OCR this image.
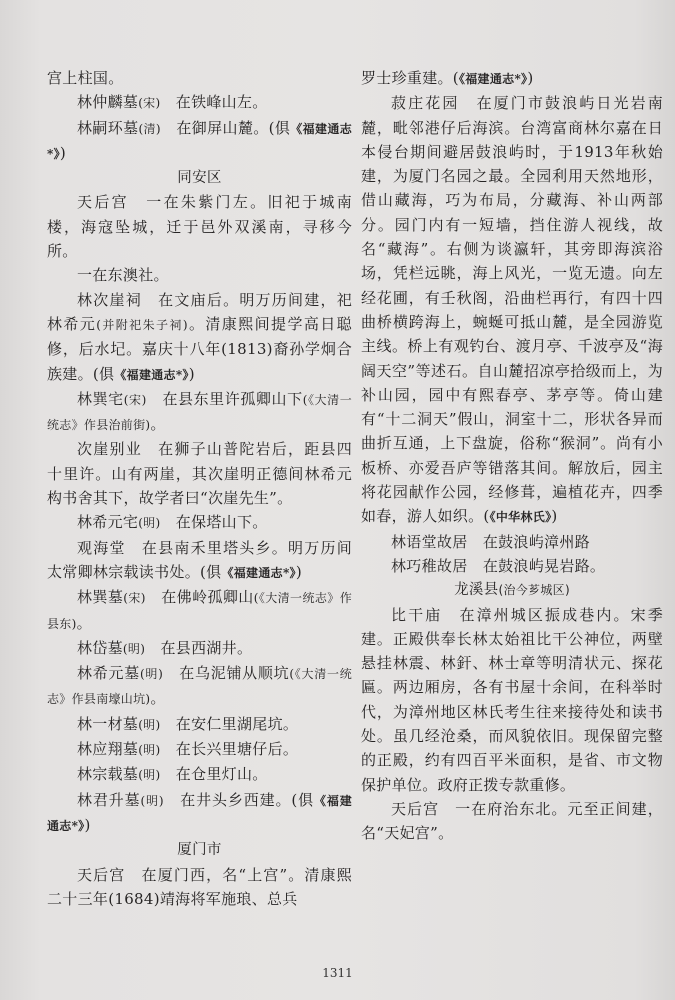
宫上柱国。

林仲麟墓(宋)　在铁峰山左。

林嗣环墓(清)　在御屏山麓。(俱《福建通志*》)

同安区

天后宫　一在朱紫门左。旧祀于城南楼，海寇坠城，迁于邑外双溪南，寻移今所。

一在东澳社。

林次崖祠　在文庙后。明万历间建，祀林希元(并附祀朱子祠)。清康熙间提学高日聪修，后水圮。嘉庆十八年(1813)裔孙学炯合族建。(俱《福建通志*》)

林巽宅(宋)　在县东里许孤卿山下(《大清一统志》作县治前街)。

次崖别业　在狮子山普陀岩后，距县四十里许。山有两崖，其次崖明正德间林希元构书舍其下，故学者曰“次崖先生”。

林希元宅(明)　在保塔山下。

观海堂　在县南禾里塔头乡。明万历间太常卿林宗载读书处。(俱《福建通志*》)

林巽墓(宋)　在佛岭孤卿山(《大清一统志》作县东)。

林岱墓(明)　在县西湖井。

林希元墓(明)　在乌泥铺从顺坑(《大清一统志》作县南壕山坑)。

林一材墓(明)　在安仁里湖尾坑。

林应翔墓(明)　在长兴里塘仔后。

林宗载墓(明)　在仓里灯山。

林君升墓(明)　在井头乡西建。(俱《福建通志*》)

厦门市

天后宫　在厦门西，名“上宫”。清康熙二十三年(1684)靖海将军施琅、总兵

罗士珍重建。(《福建通志*》)

菽庄花园　在厦门市鼓浪屿日光岩南麓，毗邻港仔后海滨。台湾富商林尔嘉在日本侵台期间避居鼓浪屿时，于1913年秋始建，为厦门名园之最。全园利用天然地形，借山藏海，巧为布局，分藏海、补山两部分。园门内有一短墙，挡住游人视线，故名“藏海”。右侧为谈瀛轩，其旁即海滨浴场，凭栏远眺，海上风光，一览无遗。向左经花圃，有壬秋阁，沿曲栏再行，有四十四曲桥横跨海上，蜿蜒可抵山麓，是全园游览主线。桥上有观钓台、渡月亭、千波亭及“海阔天空”等述石。自山麓招凉亭拾级而上，为补山园，园中有熙春亭、茅亭等。倚山建有“十二洞天”假山，洞室十二，形状各异而曲折互通，上下盘旋，俗称“猴洞”。尚有小板桥、亦爱吾庐等错落其间。解放后，园主将花园献作公园，经修葺，遍植花卉，四季如春，游人如织。(《中华林氏》)

林语堂故居　在鼓浪屿漳州路

林巧稚故居　在鼓浪屿晃岩路。

龙溪县(治今芗城区)

比干庙　在漳州城区振成巷内。宋季建。正殿供奉长林太始祖比干公神位，两壁悬挂林震、林釬、林士章等明清状元、探花匾。两边厢房，各有书屋十余间，在科举时代，为漳州地区林氏考生往来接待处和读书处。虽几经沧桑，而风貌依旧。现保留完整的正殿，约有四百平米面积，是省、市文物保护单位。政府正拨专款重修。

天后宫　一在府治东北。元至正间建，名“天妃宫”。

1311
